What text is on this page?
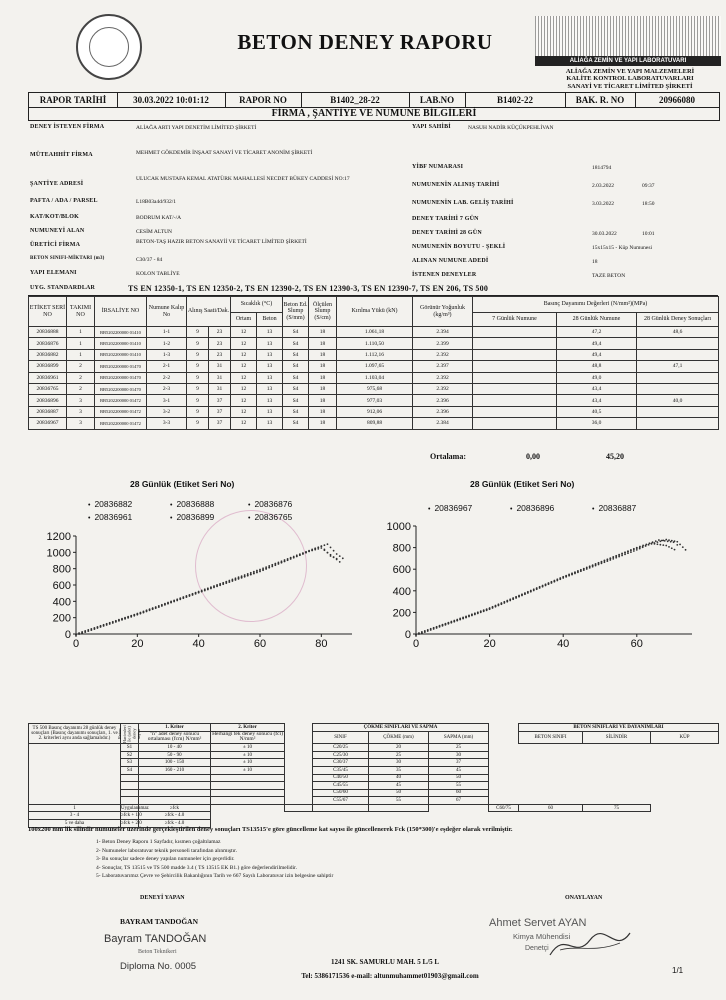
BETON DENEY RAPORU
ALİAĞA ZEMİN VE YAPI LABORATUVARI
ALİAĞA ZEMİN VE YAPI MALZEMELERİ
KALİTE KONTROL LABORATUVARLARI
SANAYİ VE TİCARET LİMİTED ŞİRKETİ
RAPOR TARİHİ	30.03.2022 10:01:12	RAPOR NO	B1402_28-22	LAB.NO	B1402-22	BAK. R. NO	20966080
FİRMA , ŞANTİYE VE NUMUNE BİLGİLERİ
DENEY İSTEYEN FİRMA	ALİAĞA ARTI YAPI DENETİM LİMİTED ŞİRKETİ	YAPI SAHİBİ	NASUH NADİR KÜÇÜKPEHLİVAN
MÜTEAHHİT FİRMA	MEHMET GÖKDEMİR İNŞAAT SANAYİ VE TİCARET ANONİM ŞİRKETİ
YİBF NUMARASI	1814794
ŞANTİYE ADRESİ
ULUCAK MUSTAFA KEMAL ATATÜRK MAHALLESİ NECDET BÜKEY CADDESİ NO:17
NUMUNENİN ALINIŞ TARİHİ	2.03.2022	09:37
PAFTA / ADA / PARSEL	L18B03a4d/932/1	NUMUNENİN LAB. GELİŞ TARİHİ	3.03.2022	18:50
KAT/KOT/BLOK	BODRUM KAT/-/A	DENEY TARİHİ 7 GÜN
NUMUNEYİ ALAN	CESİM ALTUN	DENEY TARİHİ 28 GÜN	30.03.2022	10:01
ÜRETİCİ FİRMA	BETON-TAŞ HAZIR BETON SANAYİİ VE TİCARET LİMİTED ŞİRKETİ
NUMUNENİN BOYUTU - ŞEKLİ	15x15x15 - Küp Numunesi
BETON SINIFI-MİKTARI (m3)	C30/37 - 84	ALINAN NUMUNE ADEDİ	18
YAPI ELEMANI	KOLON TABLİYE	İSTENEN DENEYLER	TAZE BETON
UYG. STANDARDLAR	TS EN 12350-1, TS EN 12350-2, TS EN 12390-2, TS EN 12390-3, TS EN 12390-7, TS EN 206, TS 500
ETİKET SERİ NO	TAKIMI NO	İRSALİYE NO	Numune Kalıp No	Alınış Saati/Dak.		Sıcaklık (°C)		Beton Ed. Slump (S/mm)	Ölçülen Slump (S/cm)	Kırılma Yükü (kN)	Görünür Yoğunluk (kg/m³)	Basınç Dayanımı Değerleri (N/mm²)(MPa)		
						Ortam	Beton					7 Günlük Numune	28 Günlük Numune	28 Günlük Deney Sonuçları
20836888	1	BB5202200000 01410	1-1	9	23	12	13	S4	18	1.061,18	2.394		47,2	48,6
20836876	1	BB5202200000 01410	1-2	9	23	12	13	S4	18	1.110,50	2.399		49,4	
20836882	1	BB5202200000 01410	1-3	9	23	12	13	S4	18	1.112,16	2.392		49,4	
20836899	2	BB5202200000 01470	2-1	9	31	12	13	S4	18	1.097,65	2.397		48,8	47,1
20836961	2	BB5202200000 01470	2-2	9	31	12	13	S4	18	1.103,04	2.392		49,0	
20836765	2	BB5202200000 01470	2-3	9	31	12	13	S4	18	975,68	2.392		43,4	
20836896	3	BB5202200000 01472	3-1	9	37	12	13	S4	18	977,03	2.396		43,4	40,0
20836887	3	BB5202200000 01472	3-2	9	37	12	13	S4	18	912,06	2.396		40,5	
20836967	3	BB5202200000 01472	3-3	9	37	12	13	S4	18	809,88	2.384		36,0	
Ortalama:	0,00	45,20
28 Günlük (Etiket Seri No)	28 Günlük (Etiket Seri No)
• 20836882	• 20836888	• 20836876
• 20836961	• 20836899	• 20836765
• 20836967	• 20836896	• 20836887
0	20	40	60	80
0
200
400
600
800
1000
1200
0	20	40	60
0
200
400
600
800
1000
TS 500 Basınç dayanımı 28 günlük deney sonuçları (Basınç dayanımı sonuçları, 1. ve 2. kriterleri aynı anda sağlamalıdır.)	Beton Hacimleri ile (adet) deney sayısı	1. Kriter	2. Kriter		ÇÖKME SINIFLARI VE SAPMA				BETON SINIFLARI VE DAYANIMLARI		
		"n" adet deney sonucu ortalaması (fcm) N/mm²	Herhangi tek deney sonucu (fci) N/mm²		SINIF	ÇÖKME (mm)	SAPMA (mm)		BETON SINIFI	SİLİNDİR	KÜP
	S1	10 - 40	± 10		C20/25	20	25				
	S2	50 - 90	± 10		C25/30	25	30				
	S3	100 - 150	± 10		C30/37	30	37				
	S4	160 - 210	± 10		C35/45	35	45				
					C40/50	40	50				
					C45/55	45	55				
					C50/60	50	60				
					C55/67	55	67				
1	Uygulanamaz	≥fck						C60/75	60	75	
3 - 4	≥fck + 1.0	≥fck - 4.0									
5 ve daha	≥fck + 2.0	≥fck - 4.0									
100x200 mm lik silindir numuneler üzerinde gerçekleştirilen deney sonuçları TS13515'e göre güncelleme kat sayısı ile güncellenerek Fck (150*300)'e eşdeğer olarak verilmiştir.
1- Beton Deney Raporu 1 Sayfadır, kısmen çoğaltılamaz
2- Numuneler laboratuvar teknik personeli tarafından alınmıştır.
3- Bu sonuçlar sadece deney yapılan numuneler için geçerlidir.
4- Sonuçlar, TS 13515 ve TS 500 madde 3.4 ( TS 13515 EK B1.) göre değerlendirilmelidir.
5- Laboratuvarımız Çevre ve Şehircilik Bakanlığının Tarih ve 667 Sayılı Laboratuvar izin belgesine sahiptir
DENEYİ YAPAN
BAYRAM TANDOĞAN
Bayram TANDOĞAN
Beton Teknikeri
Diploma No. 0005
ONAYLAYAN
Ahmet Servet AYAN
Kimya Mühendisi
Denetçi
1241 SK. SAMURLU MAH. 5 L/5 L
Tel: 5386171536 e-mail: altunmuhammet01903@gmail.com
1/1
